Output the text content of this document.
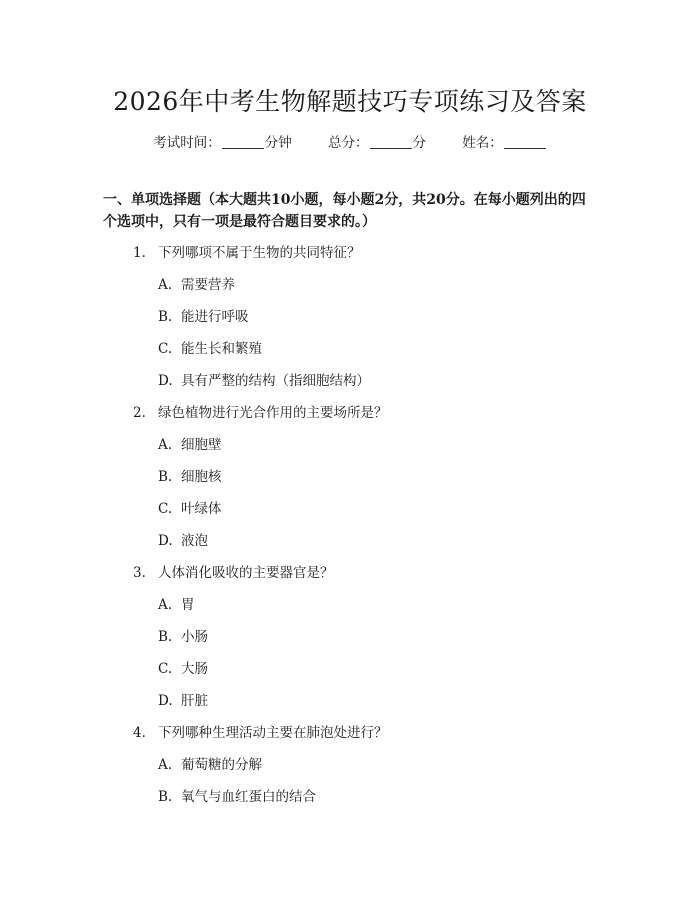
2026年中考生物解题技巧专项练习及答案
考试时间：	分钟	总分：	分	姓名：

一、单项选择题（本大题共10小题，每小题2分，共20分。在每小题列出的四个选项中，只有一项是最符合题目要求的。）

1. 下列哪项不属于生物的共同特征？
A. 需要营养
B. 能进行呼吸
C. 能生长和繁殖
D. 具有严整的结构（指细胞结构）
2. 绿色植物进行光合作用的主要场所是？
A. 细胞壁
B. 细胞核
C. 叶绿体
D. 液泡
3. 人体消化吸收的主要器官是？
A. 胃
B. 小肠
C. 大肠
D. 肝脏
4. 下列哪种生理活动主要在肺泡处进行？
A. 葡萄糖的分解
B. 氧气与血红蛋白的结合
